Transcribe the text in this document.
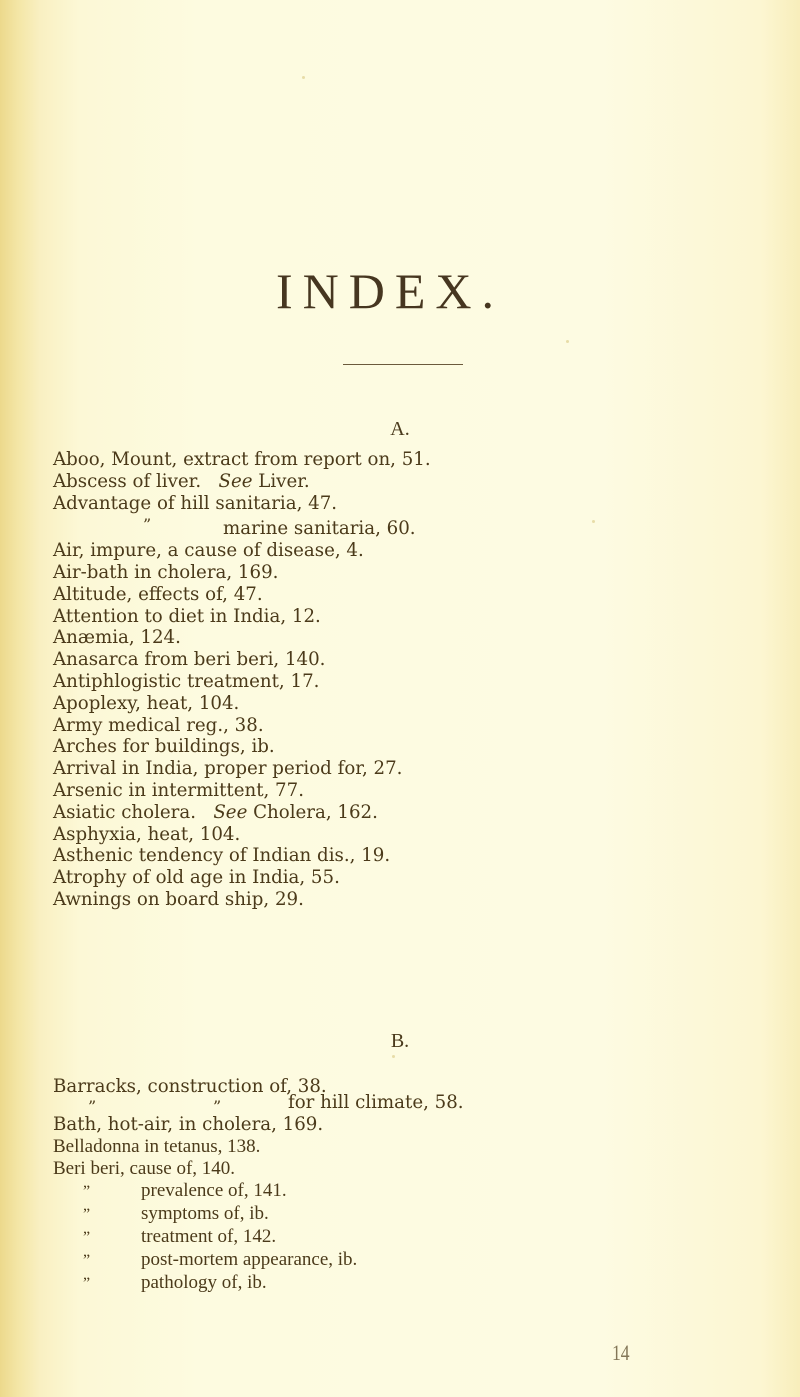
INDEX.
A.
Aboo, Mount, extract from report on, 51.
Abscess of liver. See Liver.
Advantage of hill sanitaria, 47.
”	marine sanitaria, 60.
Air, impure, a cause of disease, 4.
Air-bath in cholera, 169.
Altitude, effects of, 47.
Attention to diet in India, 12.
Anæmia, 124.
Anasarca from beri beri, 140.
Antiphlogistic treatment, 17.
Apoplexy, heat, 104.
Army medical reg., 38.
Arches for buildings, ib.
Arrival in India, proper period for, 27.
Arsenic in intermittent, 77.
Asiatic cholera. See Cholera, 162.
Asphyxia, heat, 104.
Asthenic tendency of Indian dis., 19.
Atrophy of old age in India, 55.
Awnings on board ship, 29.
B.
Barracks, construction of, 38.
”	”	for hill climate, 58.
Bath, hot-air, in cholera, 169.
Belladonna in tetanus, 138.
Beri beri, cause of, 140.
”	prevalence of, 141.
”	symptoms of, ib.
”	treatment of, 142.
”	post-mortem appearance, ib.
”	pathology of, ib.
14
